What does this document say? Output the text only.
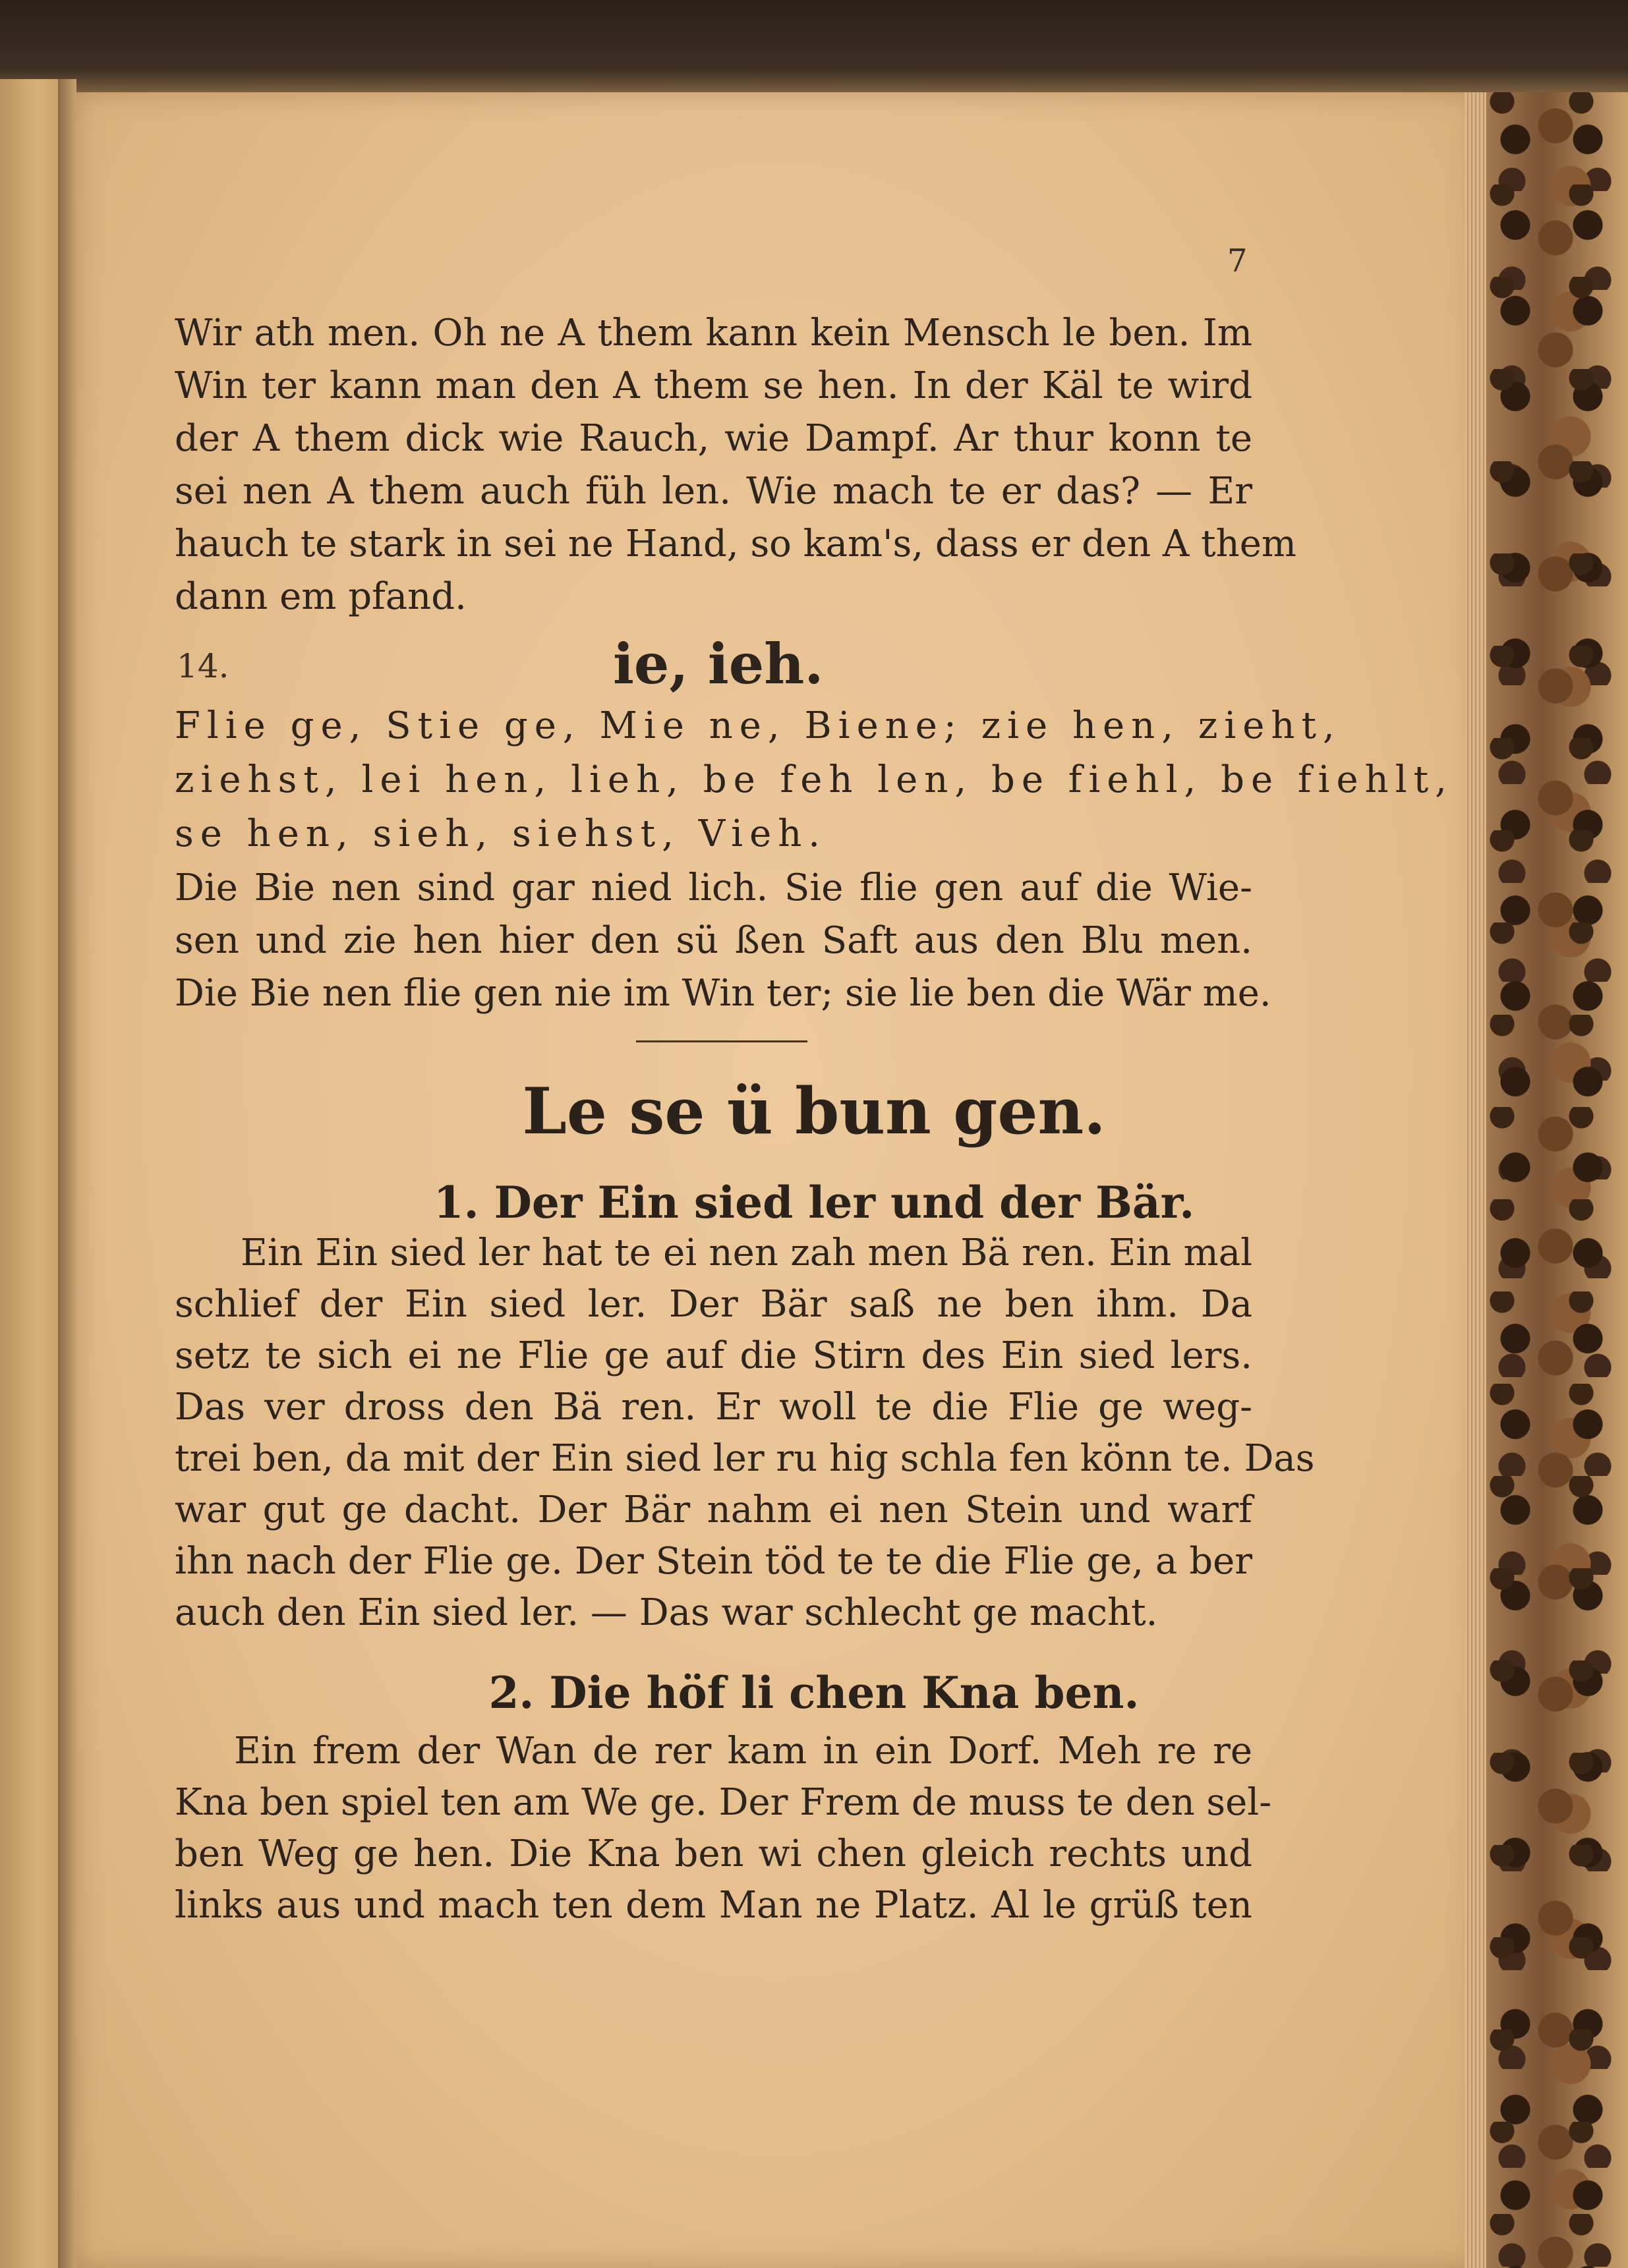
7
Wir ath men. Oh ne A them kann kein Mensch le ben. Im
Win ter kann man den A them se hen. In der Käl te wird
der A them dick wie Rauch, wie Dampf. Ar thur konn te
sei nen A them auch füh len. Wie mach te er das? — Er
hauch te stark in sei ne Hand, so kam's, dass er den A them
dann em pfand.
14.	ie, ieh.
Flie ge, Stie ge, Mie ne, Biene; zie hen, zieht,
ziehst, lei hen, lieh, be feh len, be fiehl, be fiehlt,
se hen, sieh, siehst, Vieh.
Die Bie nen sind gar nied lich. Sie flie gen auf die Wie-
sen und zie hen hier den sü ßen Saft aus den Blu men.
Die Bie nen flie gen nie im Win ter; sie lie ben die Wär me.
Le se ü bun gen.
1. Der Ein sied ler und der Bär.
Ein Ein sied ler hat te ei nen zah men Bä ren. Ein mal
schlief der Ein sied ler. Der Bär saß ne ben ihm. Da
setz te sich ei ne Flie ge auf die Stirn des Ein sied lers.
Das ver dross den Bä ren. Er woll te die Flie ge weg-
trei ben, da mit der Ein sied ler ru hig schla fen könn te. Das
war gut ge dacht. Der Bär nahm ei nen Stein und warf
ihn nach der Flie ge. Der Stein töd te te die Flie ge, a ber
auch den Ein sied ler. — Das war schlecht ge macht.
2. Die höf li chen Kna ben.
Ein frem der Wan de rer kam in ein Dorf. Meh re re
Kna ben spiel ten am We ge. Der Frem de muss te den sel-
ben Weg ge hen. Die Kna ben wi chen gleich rechts und
links aus und mach ten dem Man ne Platz. Al le grüß ten
